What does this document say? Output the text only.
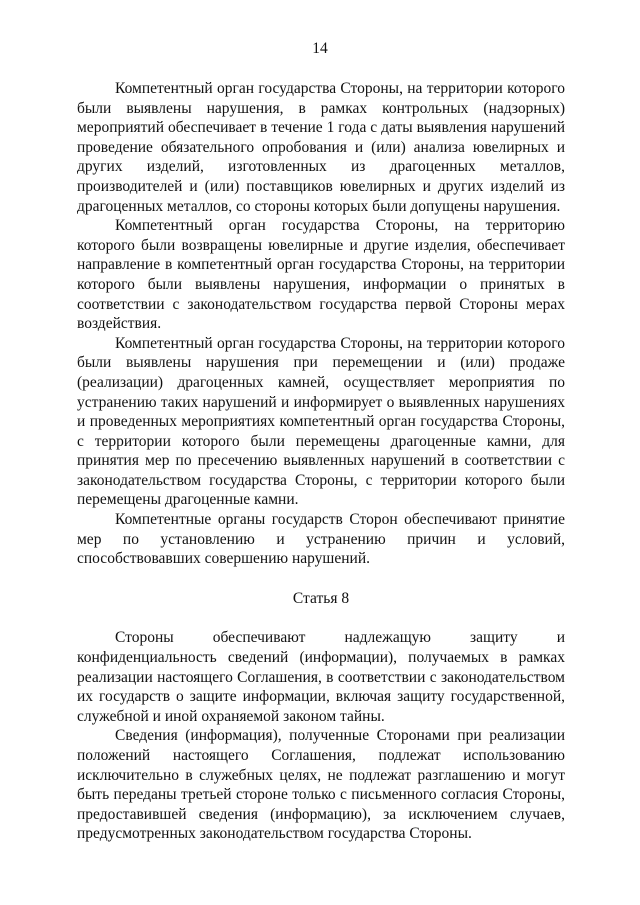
14

Компетентный орган государства Стороны, на территории которого были выявлены нарушения, в рамках контрольных (надзорных) мероприятий обеспечивает в течение 1 года с даты выявления нарушений проведение обязательного опробования и (или) анализа ювелирных и других изделий, изготовленных из драгоценных металлов, производителей и (или) поставщиков ювелирных и других изделий из драгоценных металлов, со стороны которых были допущены нарушения.

Компетентный орган государства Стороны, на территорию которого были возвращены ювелирные и другие изделия, обеспечивает направление в компетентный орган государства Стороны, на территории которого были выявлены нарушения, информации о принятых в соответствии с законодательством государства первой Стороны мерах воздействия.

Компетентный орган государства Стороны, на территории которого были выявлены нарушения при перемещении и (или) продаже (реализации) драгоценных камней, осуществляет мероприятия по устранению таких нарушений и информирует о выявленных нарушениях и проведенных мероприятиях компетентный орган государства Стороны, с территории которого были перемещены драгоценные камни, для принятия мер по пресечению выявленных нарушений в соответствии с законодательством государства Стороны, с территории которого были перемещены драгоценные камни.

Компетентные органы государств Сторон обеспечивают принятие мер по установлению и устранению причин и условий, способствовавших совершению нарушений.

Статья 8

Стороны обеспечивают надлежащую защиту и конфиденциальность сведений (информации), получаемых в рамках реализации настоящего Соглашения, в соответствии с законодательством их государств о защите информации, включая защиту государственной, служебной и иной охраняемой законом тайны.

Сведения (информация), полученные Сторонами при реализации положений настоящего Соглашения, подлежат использованию исключительно в служебных целях, не подлежат разглашению и могут быть переданы третьей стороне только с письменного согласия Стороны, предоставившей сведения (информацию), за исключением случаев, предусмотренных законодательством государства Стороны.
